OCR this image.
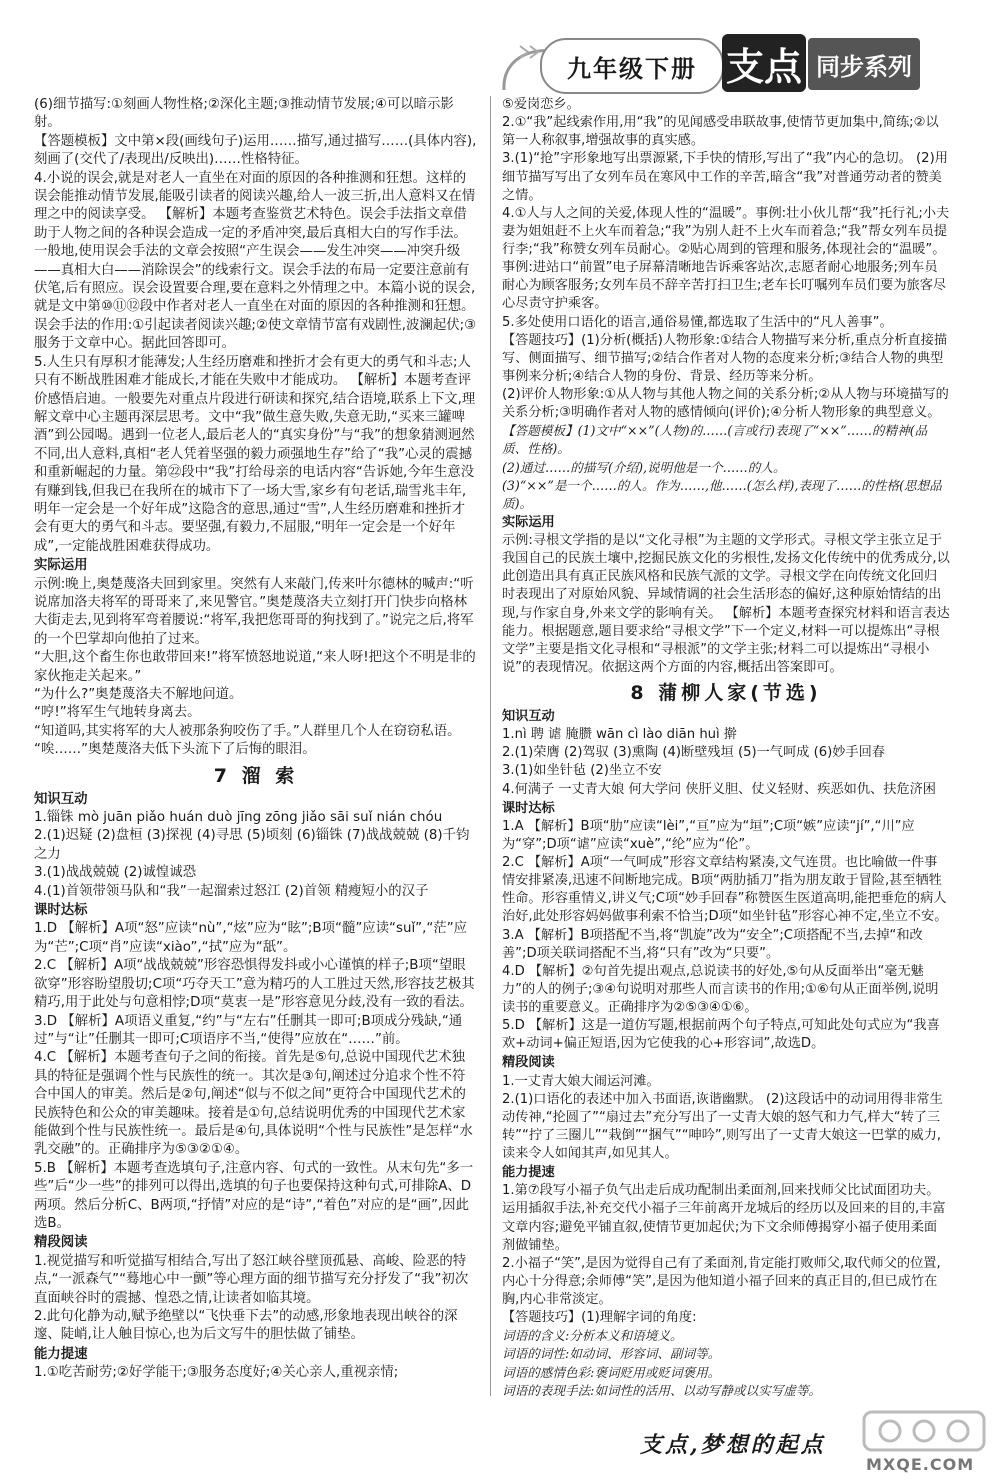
九年级下册 支点 同步系列
(6)细节描写:①刻画人物性格;②深化主题;③推动情节发展;④可以暗示影射。
【答题模板】文中第×段(画线句子)运用……描写,通过描写……(具体内容),刻画了(交代了/表现出/反映出)……性格特征。
4.小说的误会,就是对老人一直坐在对面的原因的各种推测和狂想。这样的误会能推动情节发展,能吸引读者的阅读兴趣,给人一波三折,出人意料又在情理之中的阅读享受。 【解析】本题考查鉴赏艺术特色。误会手法指文章借助于人物之间的各种误会造成一定的矛盾冲突,最后真相大白的写作手法。一般地,使用误会手法的文章会按照“产生误会——发生冲突——冲突升级——真相大白——消除误会”的线索行文。误会手法的布局一定要注意前有伏笔,后有照应。误会设置要合理,要在意料之外情理之中。本篇小说的误会,就是文中第⑩⑪⑫段中作者对老人一直坐在对面的原因的各种推测和狂想。误会手法的作用:①引起读者阅读兴趣;②使文章情节富有戏剧性,波澜起伏;③服务于文章中心。据此回答即可。
5.人生只有厚积才能薄发;人生经历磨难和挫折才会有更大的勇气和斗志;人只有不断战胜困难才能成长,才能在失败中才能成功。 【解析】本题考查评价感悟启迪。一般要先对重点片段进行研读和探究,结合语境,联系上下文,理解文章中心主题再深层思考。文中“我”做生意失败,失意无助,“买来三罐啤酒”到公园喝。遇到一位老人,最后老人的“真实身份”与“我”的想象猜测迥然不同,出人意料,真相“老人凭着坚强的毅力顽强地生存”给了“我”心灵的震撼和重新崛起的力量。第㉒段中“我”打给母亲的电话内容“告诉她,今年生意没有赚到钱,但我已在我所在的城市下了一场大雪,家乡有句老话,瑞雪兆丰年,明年一定会是一个好年成”这隐含的意思,通过“雪”,人生经历磨难和挫折才会有更大的勇气和斗志。要坚强,有毅力,不屈服,“明年一定会是一个好年成”,一定能战胜困难获得成功。
实际运用
示例:晚上,奥楚蔑洛夫回到家里。突然有人来敲门,传来叶尔德林的喊声:“听说席加洛夫将军的哥哥来了,来见警官。”奥楚蔑洛夫立刻打开门快步向格林大街走去,见到将军弯着腰说:“将军,我把您哥哥的狗找到了。”说完之后,将军的一个巴掌却向他拍了过来。
“大胆,这个畜生你也敢带回来!”将军愤怒地说道,“来人呀!把这个不明是非的家伙拖走关起来。”
“为什么?”奥楚蔑洛夫不解地问道。
“哼!”将军生气地转身离去。
“知道吗,其实将军的大人被那条狗咬伤了手。”人群里几个人在窃窃私语。
“唉……”奥楚蔑洛夫低下头流下了后悔的眼泪。
7 溜 索
知识互动
1.锱铢 mò juān piǎo huán duò jīng zōng jiǎo sāi suǐ nián chóu
2.(1)迟疑 (2)盘桓 (3)探视 (4)寻思 (5)顷刻 (6)锱铢 (7)战战兢兢 (8)千钧之力
3.(1)战战兢兢 (2)诚惶诚恐
4.(1)首领带领马队和“我”一起溜索过怒江 (2)首领 精瘦短小的汉子
课时达标
1.D 【解析】A项“怒”应读“nù”,“炫”应为“眩”;B项“髓”应读“suǐ”,“茫”应为“芒”;C项“肖”应读“xiào”,“拭”应为“舐”。
2.C 【解析】A项“战战兢兢”形容恐惧得发抖或小心谨慎的样子;B项“望眼欲穿”形容盼望殷切;C项“巧夺天工”意为精巧的人工胜过天然,形容技艺极其精巧,用于此处与句意相悖;D项“莫衷一是”形容意见分歧,没有一致的看法。
3.D 【解析】A项语义重复,“约”与“左右”任删其一即可;B项成分残缺,“通过”与“让”任删其一即可;C项语序不当,“使得”应放在“……”前。
4.C 【解析】本题考查句子之间的衔接。首先是⑤句,总说中国现代艺术独具的特征是强调个性与民族性的统一。其次是③句,阐述过分追求个性不符合中国人的审美。然后是②句,阐述“似与不似之间”更符合中国现代艺术的民族特色和公众的审美趣味。接着是①句,总结说明优秀的中国现代艺术家能做到个性与民族性统一。最后是④句,具体说明“个性与民族性”是怎样“水乳交融”的。正确排序为⑤③②①④。
5.B 【解析】本题考查选填句子,注意内容、句式的一致性。从末句先“多一些”后“少一些”的排列可以得出,选填的句子也要保持这种句式,可排除A、D两项。然后分析C、B两项,“抒情”对应的是“诗”,“着色”对应的是“画”,因此选B。
精段阅读
1.视觉描写和听觉描写相结合,写出了怒江峡谷壁顶孤悬、高峻、险恶的特点,“一派森气”“蓦地心中一颤”等心理方面的细节描写充分抒发了“我”初次直面峡谷时的震撼、惶恐之情,让读者如临其境。
2.此句化静为动,赋予绝壁以“飞快垂下去”的动感,形象地表现出峡谷的深邃、陡峭,让人触目惊心,也为后文写牛的胆怯做了铺垫。
能力提速
1.①吃苦耐劳;②好学能干;③服务态度好;④关心亲人,重视亲情;
⑤爱岗恋乡。
2.①“我”起线索作用,用“我”的见闻感受串联故事,使情节更加集中,简练;②以第一人称叙事,增强故事的真实感。
3.(1)“抢”字形象地写出票源紧,下手快的情形,写出了“我”内心的急切。 (2)用细节描写写出了女列车员在寒风中工作的辛苦,暗含“我”对普通劳动者的赞美之情。
4.①人与人之间的关爱,体现人性的“温暖”。事例:壮小伙儿帮“我”托行礼;小夫妻为姐姐赶不上火车而着急;“我”为别人赶不上火车而着急;“我”帮女列车员提行李;“我”称赞女列车员耐心。②贴心周到的管理和服务,体现社会的“温暖”。事例:进站口“前置”电子屏幕清晰地告诉乘客站次,志愿者耐心地服务;列车员耐心为顾客服务;女列车员不辞辛苦打扫卫生;老车长叮嘱列车员们要为旅客尽心尽责守护乘客。
5.多处使用口语化的语言,通俗易懂,都选取了生活中的“凡人善事”。
【答题技巧】(1)分析(概括)人物形象:①结合人物描写来分析,重点分析直接描写、侧面描写、细节描写;②结合作者对人物的态度来分析;③结合人物的典型事例来分析;④结合人物的身份、背景、经历等来分析。
(2)评价人物形象:①从人物与其他人物之间的关系分析;②从人物与环境描写的关系分析;③明确作者对人物的感情倾向(评价);④分析人物形象的典型意义。
【答题模板】(1)文中“××”(人物)的……(言或行)表现了“××”……的精神(品质、性格)。
(2)通过……的描写(介绍),说明他是一个……的人。
(3)“××”是一个……的人。作为……,他……(怎么样),表现了……的性格(思想品质)。
实际运用
示例:寻根文学指的是以“文化寻根”为主题的文学形式。寻根文学主张立足于我国自己的民族土壤中,挖掘民族文化的劣根性,发扬文化传统中的优秀成分,以此创造出具有真正民族风格和民族气派的文学。寻根文学在向传统文化回归时表现出了对原始风貌、异域情调的社会生活形态的偏好,这种原始情结的出现,与作家自身,外来文学的影响有关。 【解析】本题考查探究材料和语言表达能力。根据题意,题目要求给“寻根文学”下一个定义,材料一可以提炼出“寻根文学”主要是指文化寻根和“寻根派”的文学主张;材料二可以提炼出“寻根小说”的表现情况。依据这两个方面的内容,概括出答案即可。
8 蒲柳人家(节选)
知识互动
1.nì 聘 谑 腌臜 wān cì lào diān huì 擀
2.(1)荣膺 (2)驾驭 (3)熏陶 (4)断壁残垣 (5)一气呵成 (6)妙手回春
3.(1)如坐针毡 (2)坐立不安
4.何满子 一丈青大娘 何大学问 侠肝义胆、仗义轻财、疾恶如仇、扶危济困
课时达标
1.A 【解析】B项“肋”应读“lèi”,“亘”应为“垣”;C项“嫉”应读“jí”,“川”应为“穿”;D项“谑”应读“xuè”,“纶”应为“伦”。
2.C 【解析】A项“一气呵成”形容文章结构紧凑,文气连贯。也比喻做一件事情安排紧凑,迅速不间断地完成。B项“两肋插刀”指为朋友敢于冒险,甚至牺牲性命。形容重情义,讲义气;C项“妙手回春”称赞医生医道高明,能把垂危的病人治好,此处形容妈妈做事利索不恰当;D项“如坐针毡”形容心神不定,坐立不安。
3.A 【解析】B项搭配不当,将“凯旋”改为“安全”;C项搭配不当,去掉“和改善”;D项关联词搭配不当,将“只有”改为“只要”。
4.D 【解析】②句首先提出观点,总说读书的好处,⑤句从反面举出“毫无魅力”的人的例子;③④句说明对那些人而言读书的作用;①⑥句从正面举例,说明读书的重要意义。正确排序为②⑤③④①⑥。
5.D 【解析】这是一道仿写题,根据前两个句子特点,可知此处句式应为“我喜欢+动词+偏正短语,因为它使我的心+形容词”,故选D。
精段阅读
1.一丈青大娘大闹运河滩。
2.(1)口语化的表述中加入书面语,诙谐幽默。 (2)这段话中的动词用得非常生动传神,“抡圆了”“扇过去”充分写出了一丈青大娘的怒气和力气,样大“转了三转”“拧了三圈儿”“栽倒”“捆气”“呻吟”,则写出了一丈青大娘这一巴掌的威力,读来令人如闻其声,如见其人。
能力提速
1.第⑦段写小福子负气出走后成功配制出柔面剂,回来找师父比试面团功夫。运用插叙手法,补充交代小福子三年前离开龙城后的经历以及回来的目的,丰富文章内容;避免平铺直叙,使情节更加起伏;为下文余师傅揭穿小福子使用柔面剂做铺垫。
2.小福子“笑”,是因为觉得自己有了柔面剂,肯定能打败师父,取代师父的位置,内心十分得意;余师傅“笑”,是因为他知道小福子回来的真正目的,但已成竹在胸,内心非常淡定。
【答题技巧】(1)理解字词的角度:
词语的含义:分析本义和语境义。
词语的词性:如动词、形容词、副词等。
词语的感情色彩:褒词贬用或贬词褒用。
词语的表现手法:如词性的活用、以动写静或以实写虚等。
支点,梦想的起点
MXQE.COM
